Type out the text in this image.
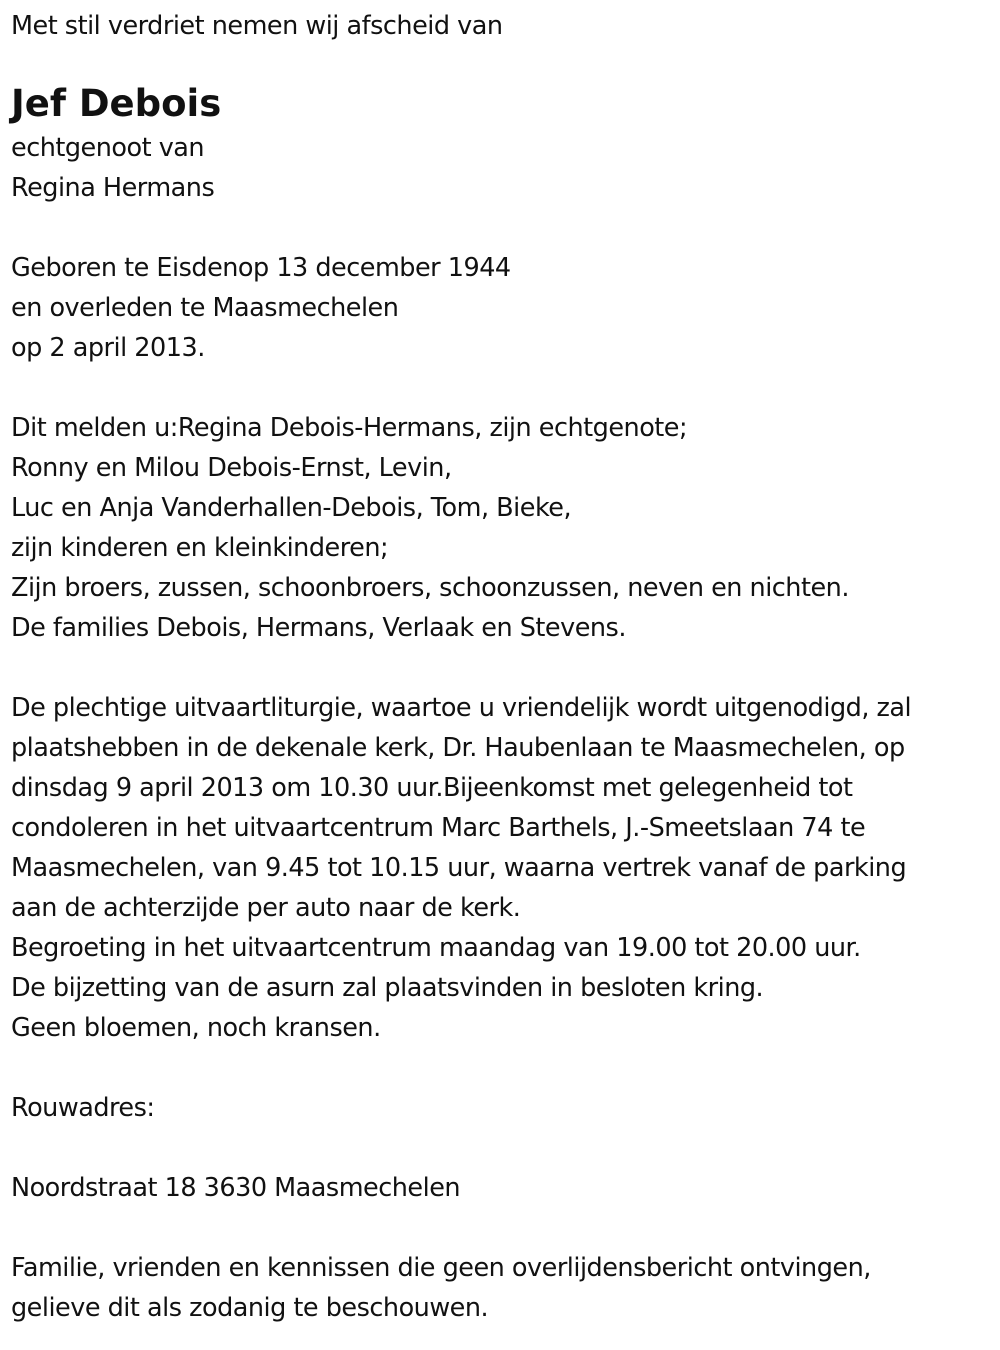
Met stil verdriet nemen wij afscheid van
Jef Debois
echtgenoot van
Regina Hermans
Geboren te Eisdenop 13 december 1944
en overleden te Maasmechelen
op 2 april 2013.
Dit melden u:Regina Debois-Hermans, zijn echtgenote;
Ronny en Milou Debois-Ernst, Levin,
Luc en Anja Vanderhallen-Debois, Tom, Bieke,
zijn kinderen en kleinkinderen;
Zijn broers, zussen, schoonbroers, schoonzussen, neven en nichten.
De families Debois, Hermans, Verlaak en Stevens.
De plechtige uitvaartliturgie, waartoe u vriendelijk wordt uitgenodigd, zal
plaatshebben in de dekenale kerk, Dr. Haubenlaan te Maasmechelen, op
dinsdag 9 april 2013 om 10.30 uur.Bijeenkomst met gelegenheid tot
condoleren in het uitvaartcentrum Marc Barthels, J.-Smeetslaan 74 te
Maasmechelen, van 9.45 tot 10.15 uur, waarna vertrek vanaf de parking
aan de achterzijde per auto naar de kerk.
Begroeting in het uitvaartcentrum maandag van 19.00 tot 20.00 uur.
De bijzetting van de asurn zal plaatsvinden in besloten kring.
Geen bloemen, noch kransen.
Rouwadres:
Noordstraat 18 3630 Maasmechelen
Familie, vrienden en kennissen die geen overlijdensbericht ontvingen,
gelieve dit als zodanig te beschouwen.
